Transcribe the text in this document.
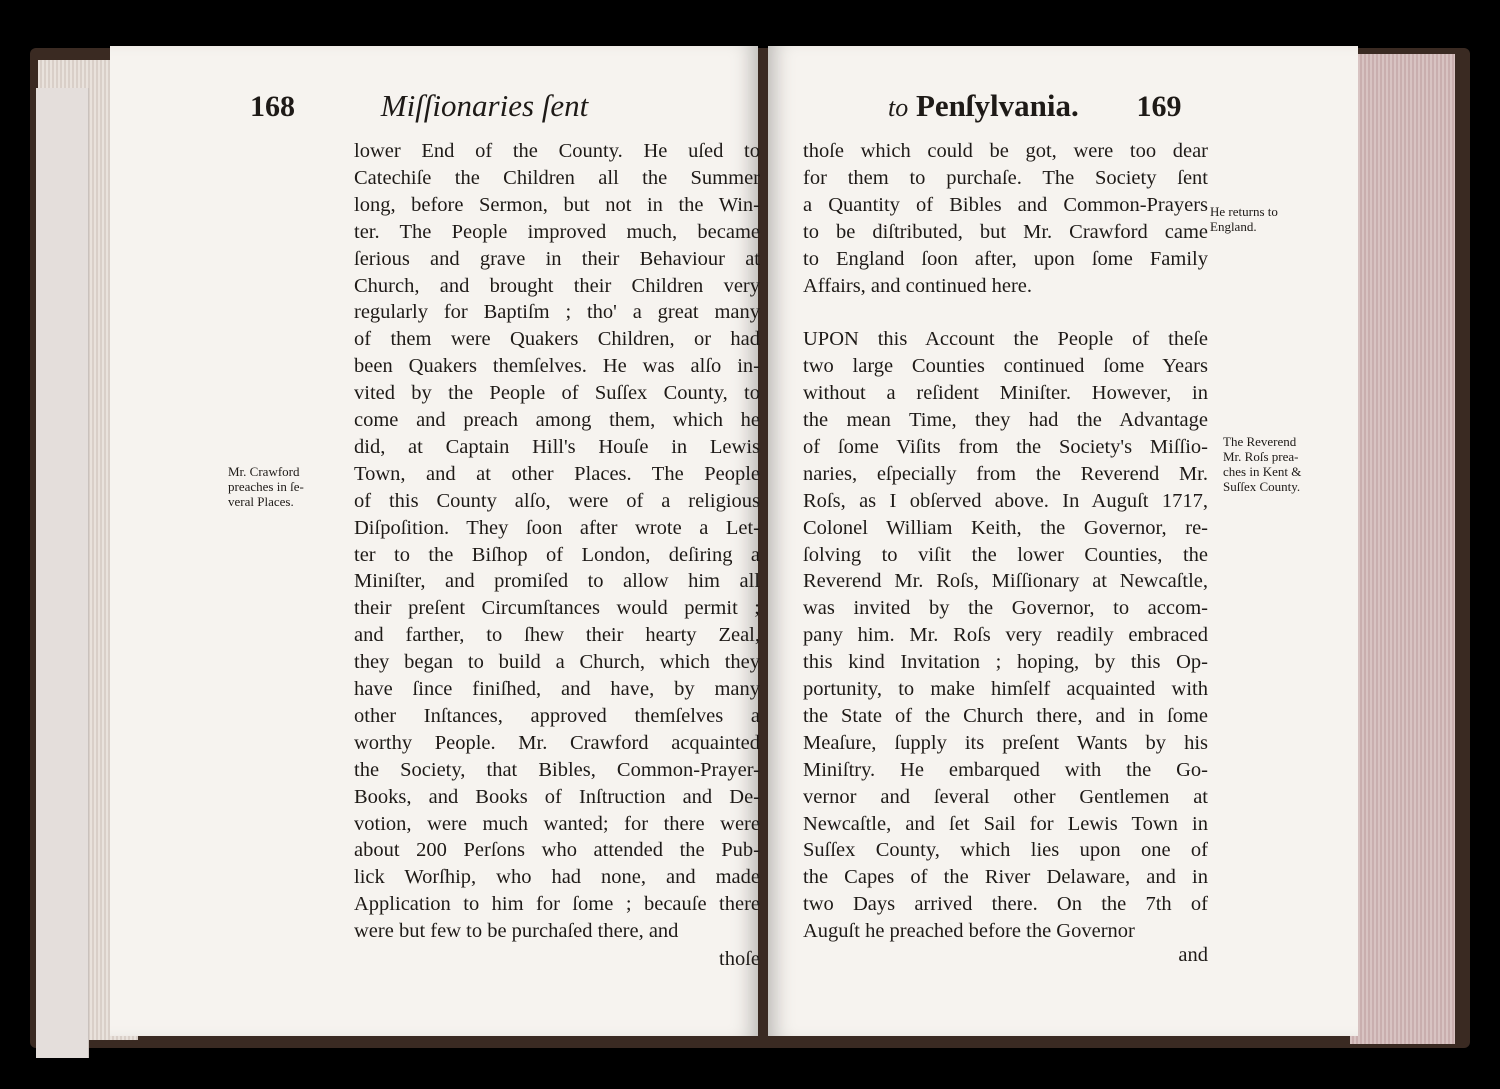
168	Miſſionaries ſent
lower End of the County. He uſed to
Catechiſe the Children all the Summer
long, before Sermon, but not in the Win-
ter. The People improved much, became
ſerious and grave in their Behaviour at
Church, and brought their Children very
regularly for Baptiſm ; tho' a great many
of them were Quakers Children, or had
been Quakers themſelves. He was alſo in-
vited by the People of Suſſex County, to
come and preach among them, which he
did, at Captain Hill's Houſe in Lewis
Town, and at other Places. The People
of this County alſo, were of a religious
Diſpoſition. They ſoon after wrote a Let-
ter to the Biſhop of London, deſiring a
Miniſter, and promiſed to allow him all
their preſent Circumſtances would permit ;
and farther, to ſhew their hearty Zeal,
they began to build a Church, which they
have ſince finiſhed, and have, by many
other Inſtances, approved themſelves a
worthy People. Mr. Crawford acquainted
the Society, that Bibles, Common-Prayer-
Books, and Books of Inſtruction and De-
votion, were much wanted; for there were
about 200 Perſons who attended the Pub-
lick Worſhip, who had none, and made
Application to him for ſome ; becauſe there
were but few to be purchaſed there, and
Mr. Crawford
preaches in ſe-
veral Places.
thoſe
to Penſylvania. 169
thoſe which could be got, were too dear
for them to purchaſe. The Society ſent
a Quantity of Bibles and Common-Prayers
to be diſtributed, but Mr. Crawford came
to England ſoon after, upon ſome Family
Affairs, and continued here.
UPON this Account the People of theſe
two large Counties continued ſome Years
without a reſident Miniſter. However, in
the mean Time, they had the Advantage
of ſome Viſits from the Society's Miſſio-
naries, eſpecially from the Reverend Mr.
Roſs, as I obſerved above. In Auguſt 1717,
Colonel William Keith, the Governor, re-
ſolving to viſit the lower Counties, the
Reverend Mr. Roſs, Miſſionary at Newcaſtle,
was invited by the Governor, to accom-
pany him. Mr. Roſs very readily embraced
this kind Invitation ; hoping, by this Op-
portunity, to make himſelf acquainted with
the State of the Church there, and in ſome
Meaſure, ſupply its preſent Wants by his
Miniſtry. He embarqued with the Go-
vernor and ſeveral other Gentlemen at
Newcaſtle, and ſet Sail for Lewis Town in
Suſſex County, which lies upon one of
the Capes of the River Delaware, and in
two Days arrived there. On the 7th of
Auguſt he preached before the Governor
He returns to
England.
The Reverend
Mr. Roſs prea-
ches in Kent &
Suſſex County.
and
